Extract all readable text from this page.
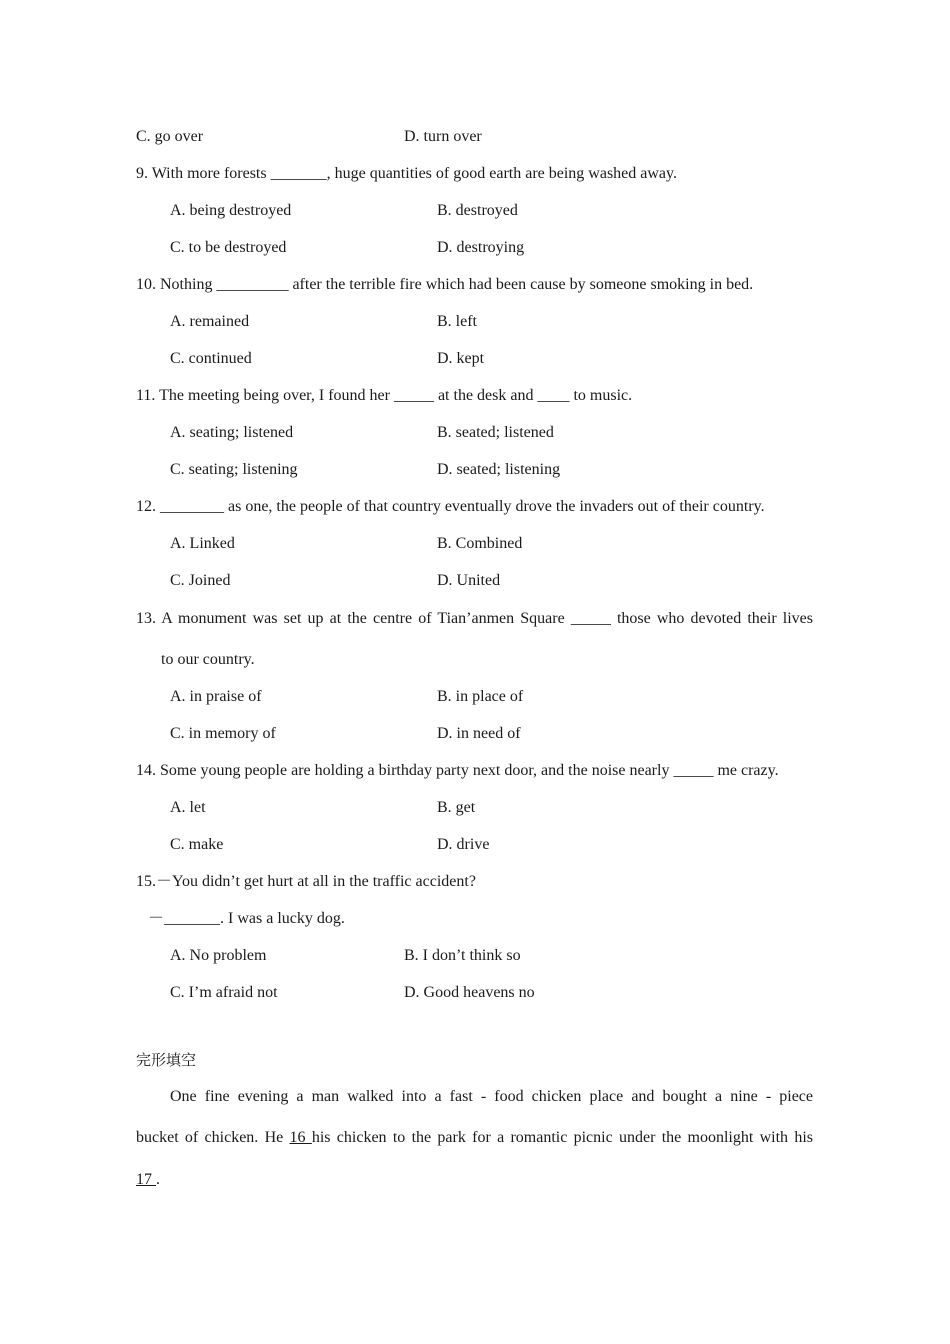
C. go over	D. turn over
9. With more forests _______, huge quantities of good earth are being washed away.
A. being destroyed	B. destroyed
C. to be destroyed	D. destroying
10. Nothing _________ after the terrible fire which had been cause by someone smoking in bed.
A. remained	B. left
C. continued	D. kept
11. The meeting being over, I found her _____ at the desk and ____ to music.
A. seating; listened	B. seated; listened
C. seating; listening	D. seated; listening
12. ________ as one, the people of that country eventually drove the invaders out of their country.
A. Linked	B. Combined
C. Joined	D. United
13. A monument was set up at the centre of Tian’anmen Square _____ those who devoted their lives
to our country.
A. in praise of	B. in place of
C. in memory of	D. in need of
14. Some young people are holding a birthday party next door, and the noise nearly _____ me crazy.
A. let	B. get
C. make	D. drive
15.－You didn’t get hurt at all in the traffic accident?
－_______. I was a lucky dog.
A. No problem	B. I don’t think so
C. I’m afraid not	D. Good heavens no
完形填空
One fine evening a man walked into a fast - food chicken place and bought a nine - piece
bucket of chicken. He 16 his chicken to the park for a romantic picnic under the moonlight with his
17 .
